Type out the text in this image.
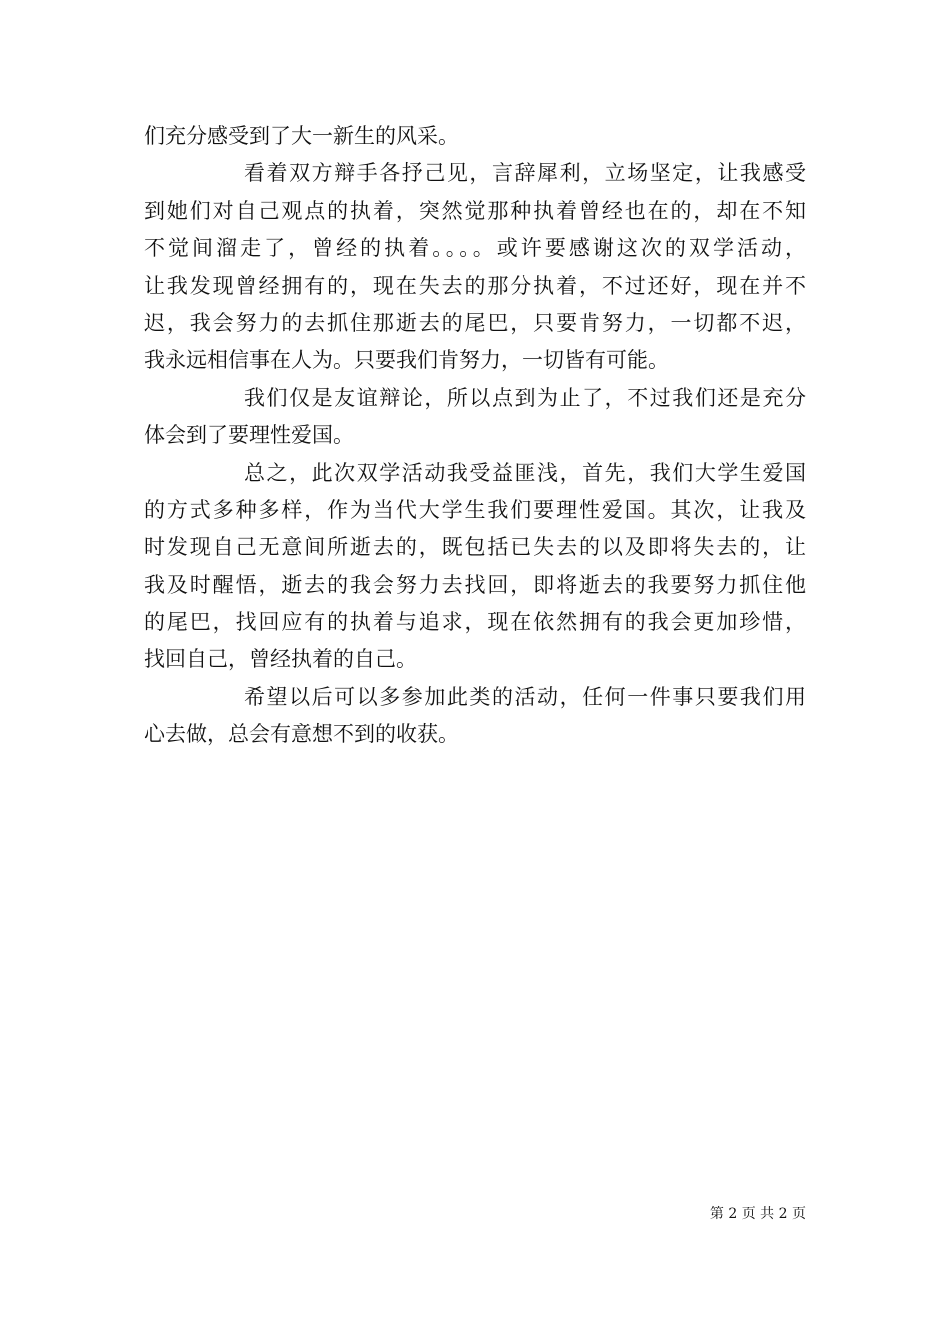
们充分感受到了大一新生的风采。
看着双方辩手各抒己见，言辞犀利，立场坚定，让我感受
到她们对自己观点的执着，突然觉那种执着曾经也在的，却在不知
不觉间溜走了，曾经的执着。。。。或许要感谢这次的双学活动，
让我发现曾经拥有的，现在失去的那分执着，不过还好，现在并不
迟，我会努力的去抓住那逝去的尾巴，只要肯努力，一切都不迟，
我永远相信事在人为。只要我们肯努力，一切皆有可能。
我们仅是友谊辩论，所以点到为止了，不过我们还是充分
体会到了要理性爱国。
总之，此次双学活动我受益匪浅，首先，我们大学生爱国
的方式多种多样，作为当代大学生我们要理性爱国。其次，让我及
时发现自己无意间所逝去的，既包括已失去的以及即将失去的，让
我及时醒悟，逝去的我会努力去找回，即将逝去的我要努力抓住他
的尾巴，找回应有的执着与追求，现在依然拥有的我会更加珍惜，
找回自己，曾经执着的自己。
希望以后可以多参加此类的活动，任何一件事只要我们用
心去做，总会有意想不到的收获。
第 2 页 共 2 页
